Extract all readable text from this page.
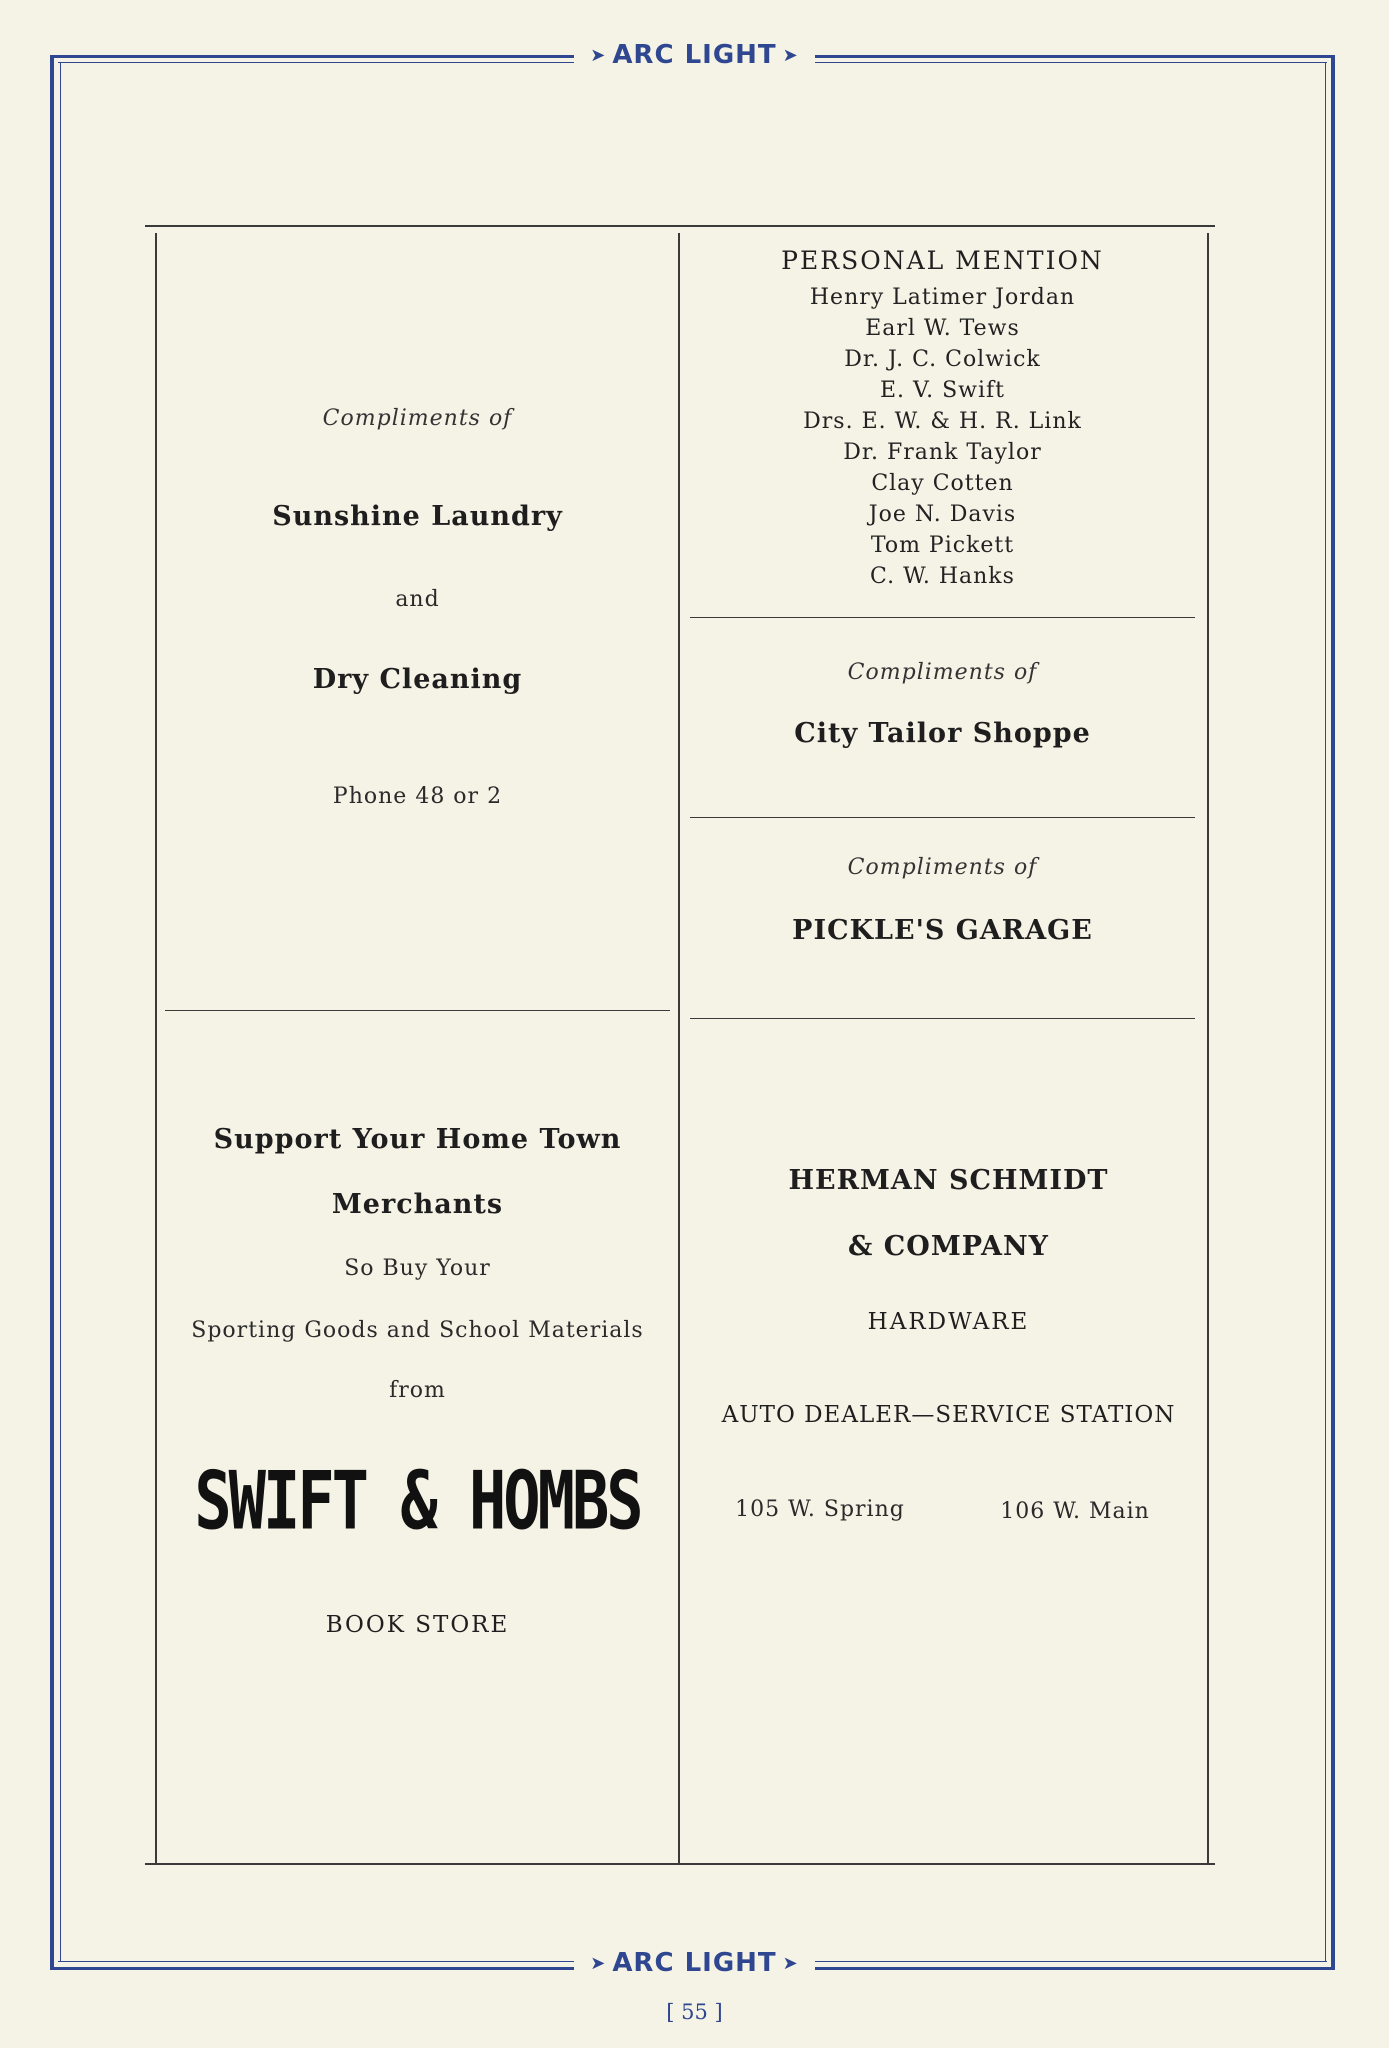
➤ ARC LIGHT ➤
➤ ARC LIGHT ➤
[ 55 ]
Compliments of
Sunshine Laundry
and
Dry Cleaning
Phone 48 or 2
PERSONAL MENTION
Henry Latimer Jordan
Earl W. Tews
Dr. J. C. Colwick
E. V. Swift
Drs. E. W. & H. R. Link
Dr. Frank Taylor
Clay Cotten
Joe N. Davis
Tom Pickett
C. W. Hanks
Compliments of
City Tailor Shoppe
Compliments of
PICKLE'S GARAGE
Support Your Home Town
Merchants
So Buy Your
Sporting Goods and School Materials
from
SWIFT & HOMBS
BOOK STORE
HERMAN SCHMIDT
& COMPANY
HARDWARE
AUTO DEALER—SERVICE STATION
105 W. Spring	106 W. Main
